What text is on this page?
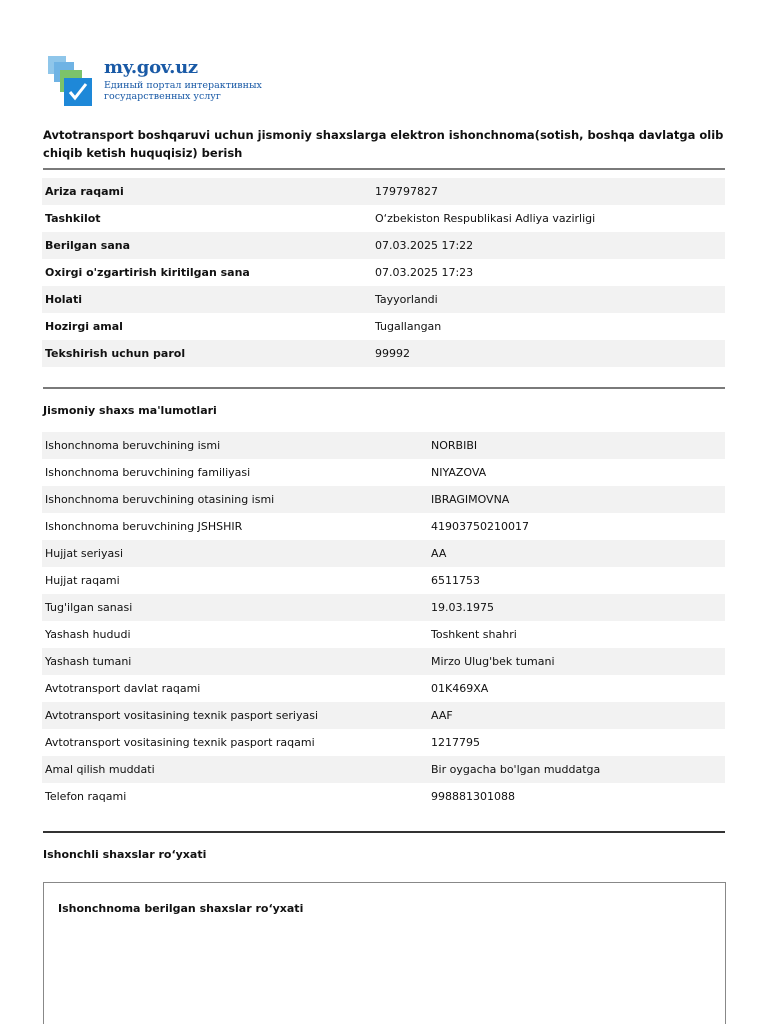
my.gov.uz
Единый портал интерактивных
государственных услуг
Avtotransport boshqaruvi uchun jismoniy shaxslarga elektron ishonchnoma(sotish, boshqa davlatga olib chiqib ketish huquqisiz) berish
Ariza raqami	179797827
Tashkilot	O‘zbekiston Respublikasi Adliya vazirligi
Berilgan sana	07.03.2025 17:22
Oxirgi o'zgartirish kiritilgan sana	07.03.2025 17:23
Holati	Tayyorlandi
Hozirgi amal	Tugallangan
Tekshirish uchun parol	99992
Jismoniy shaxs ma'lumotlari
Ishonchnoma beruvchining ismi	NORBIBI
Ishonchnoma beruvchining familiyasi	NIYAZOVA
Ishonchnoma beruvchining otasining ismi	IBRAGIMOVNA
Ishonchnoma beruvchining JSHSHIR	41903750210017
Hujjat seriyasi	AA
Hujjat raqami	6511753
Tug'ilgan sanasi	19.03.1975
Yashash hududi	Toshkent shahri
Yashash tumani	Mirzo Ulug'bek tumani
Avtotransport davlat raqami	01K469XA
Avtotransport vositasining texnik pasport seriyasi	AAF
Avtotransport vositasining texnik pasport raqami	1217795
Amal qilish muddati	Bir oygacha bo'lgan muddatga
Telefon raqami	998881301088
Ishonchli shaxslar ro‘yxati
Ishonchnoma berilgan shaxslar ro‘yxati
